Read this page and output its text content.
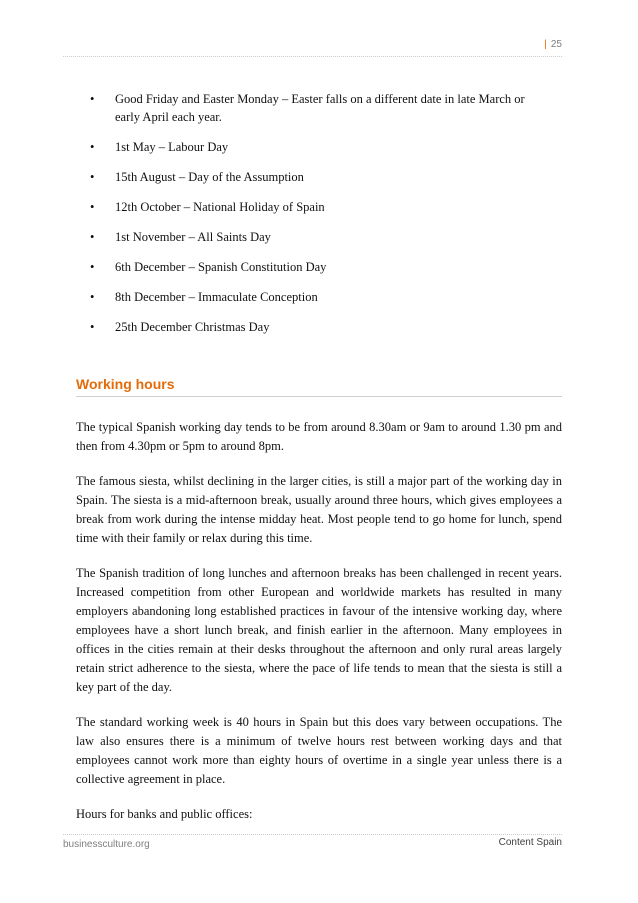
| 25
• Good Friday and Easter Monday – Easter falls on a different date in late March or early April each year.
• 1st May – Labour Day
• 15th August – Day of the Assumption
• 12th October – National Holiday of Spain
• 1st November – All Saints Day
• 6th December – Spanish Constitution Day
• 8th December – Immaculate Conception
• 25th December Christmas Day
Working hours

The typical Spanish working day tends to be from around 8.30am or 9am to around 1.30 pm and then from 4.30pm or 5pm to around 8pm.

The famous siesta, whilst declining in the larger cities, is still a major part of the working day in Spain. The siesta is a mid-afternoon break, usually around three hours, which gives employees a break from work during the intense midday heat. Most people tend to go home for lunch, spend time with their family or relax during this time.

The Spanish tradition of long lunches and afternoon breaks has been challenged in recent years. Increased competition from other European and worldwide markets has resulted in many employers abandoning long established practices in favour of the intensive working day, where employees have a short lunch break, and finish earlier in the afternoon. Many employees in offices in the cities remain at their desks throughout the afternoon and only rural areas largely retain strict adherence to the siesta, where the pace of life tends to mean that the siesta is still a key part of the day.

The standard working week is 40 hours in Spain but this does vary between occupations. The law also ensures there is a minimum of twelve hours rest between working days and that employees cannot work more than eighty hours of overtime in a single year unless there is a collective agreement in place.

Hours for banks and public offices:

businessculture.org	Content Spain
